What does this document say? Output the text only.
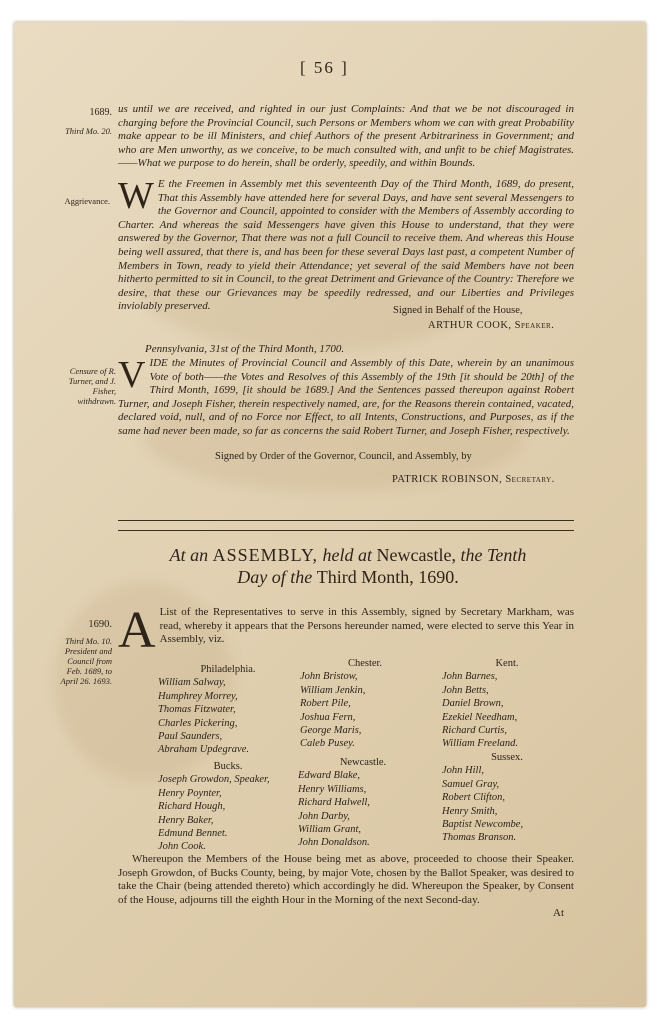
[ 56 ]
1689.
Third Mo. 20.
us until we are received, and righted in our just Complaints: And that we be not discouraged in charging before the Provincial Council, such Persons or Members whom we can with great Probability make appear to be ill Ministers, and chief Authors of the present Arbitrariness in Government; and who are Men unworthy, as we conceive, to be much consulted with, and unfit to be chief Magistrates. ——What we purpose to do herein, shall be orderly, speedily, and within Bounds.
Aggrievance. W E the Freemen in Assembly met this seventeenth Day of the Third Month, 1689, do present, That this Assembly have attended here for several Days, and have sent several Messengers to the Governor and Council, appointed to consider with the Members of Assembly according to Charter. And whereas the said Messengers have given this House to understand, that they were answered by the Governor, That there was not a full Council to receive them. And whereas this House being well assured, that there is, and has been for these several Days last past, a competent Number of Members in Town, ready to yield their Attendance; yet several of the said Members have not been hitherto permitted to sit in Council, to the great Detriment and Grievance of the Country: Therefore we desire, that these our Grievances may be speedily redressed, and our Liberties and Privileges inviolably preserved.	Signed in Behalf of the House,
ARTHUR COOK, Speaker.
Censure of R. Turner, and J. Fisher, withdrawn.
Pennsylvania, 31st of the Third Month, 1700.
VIDE the Minutes of Provincial Council and Assembly of this Date, wherein by an unanimous Vote of both——the Votes and Resolves of this Assembly of the 19th [it should be 20th] of the Third Month, 1699, [it should be 1689.] And the Sentences passed thereupon against Robert Turner, and Joseph Fisher, therein respectively named, are, for the Reasons therein contained, vacated, declared void, null, and of no Force nor Effect, to all Intents, Constructions, and Purposes, as if the same had never been made, so far as concerns the said Robert Turner, and Joseph Fisher, respectively.
Signed by Order of the Governor, Council, and Assembly, by
PATRICK ROBINSON, Secretary.
At an ASSEMBLY, held at Newcastle, the Tenth
Day of the Third Month, 1690.
1690.
Third Mo. 10. President and Council from Feb. 1689, to April 26. 1693.
A List of the Representatives to serve in this Assembly, signed by Secretary Markham, was read, whereby it appears that the Persons hereunder named, were elected to serve this Year in Assembly, viz.
Philadelphia.
William Salway,
Humphrey Morrey,
Thomas Fitzwater,
Charles Pickering,
Paul Saunders,
Abraham Updegrave.
Chester.
John Bristow,
William Jenkin,
Robert Pile,
Joshua Fern,
George Maris,
Caleb Pusey.
Kent.
John Barnes,
John Betts,
Daniel Brown,
Ezekiel Needham,
Richard Curtis,
William Freeland.
Bucks.
Joseph Growdon, Speaker,
Henry Poynter,
Richard Hough,
Henry Baker,
Edmund Bennet.
John Cook.
Newcastle.
Edward Blake,
Henry Williams,
Richard Halwell,
John Darby,
William Grant,
John Donaldson.
Sussex.
John Hill,
Samuel Gray,
Robert Clifton,
Henry Smith,
Baptist Newcombe,
Thomas Branson.
Whereupon the Members of the House being met as above, proceeded to choose their Speaker. Joseph Growdon, of Bucks County, being, by major Vote, chosen by the Ballot Speaker, was desired to take the Chair (being attended thereto) which accordingly he did. Whereupon the Speaker, by Consent of the House, adjourns till the eighth Hour in the Morning of the next Second-day.
At
